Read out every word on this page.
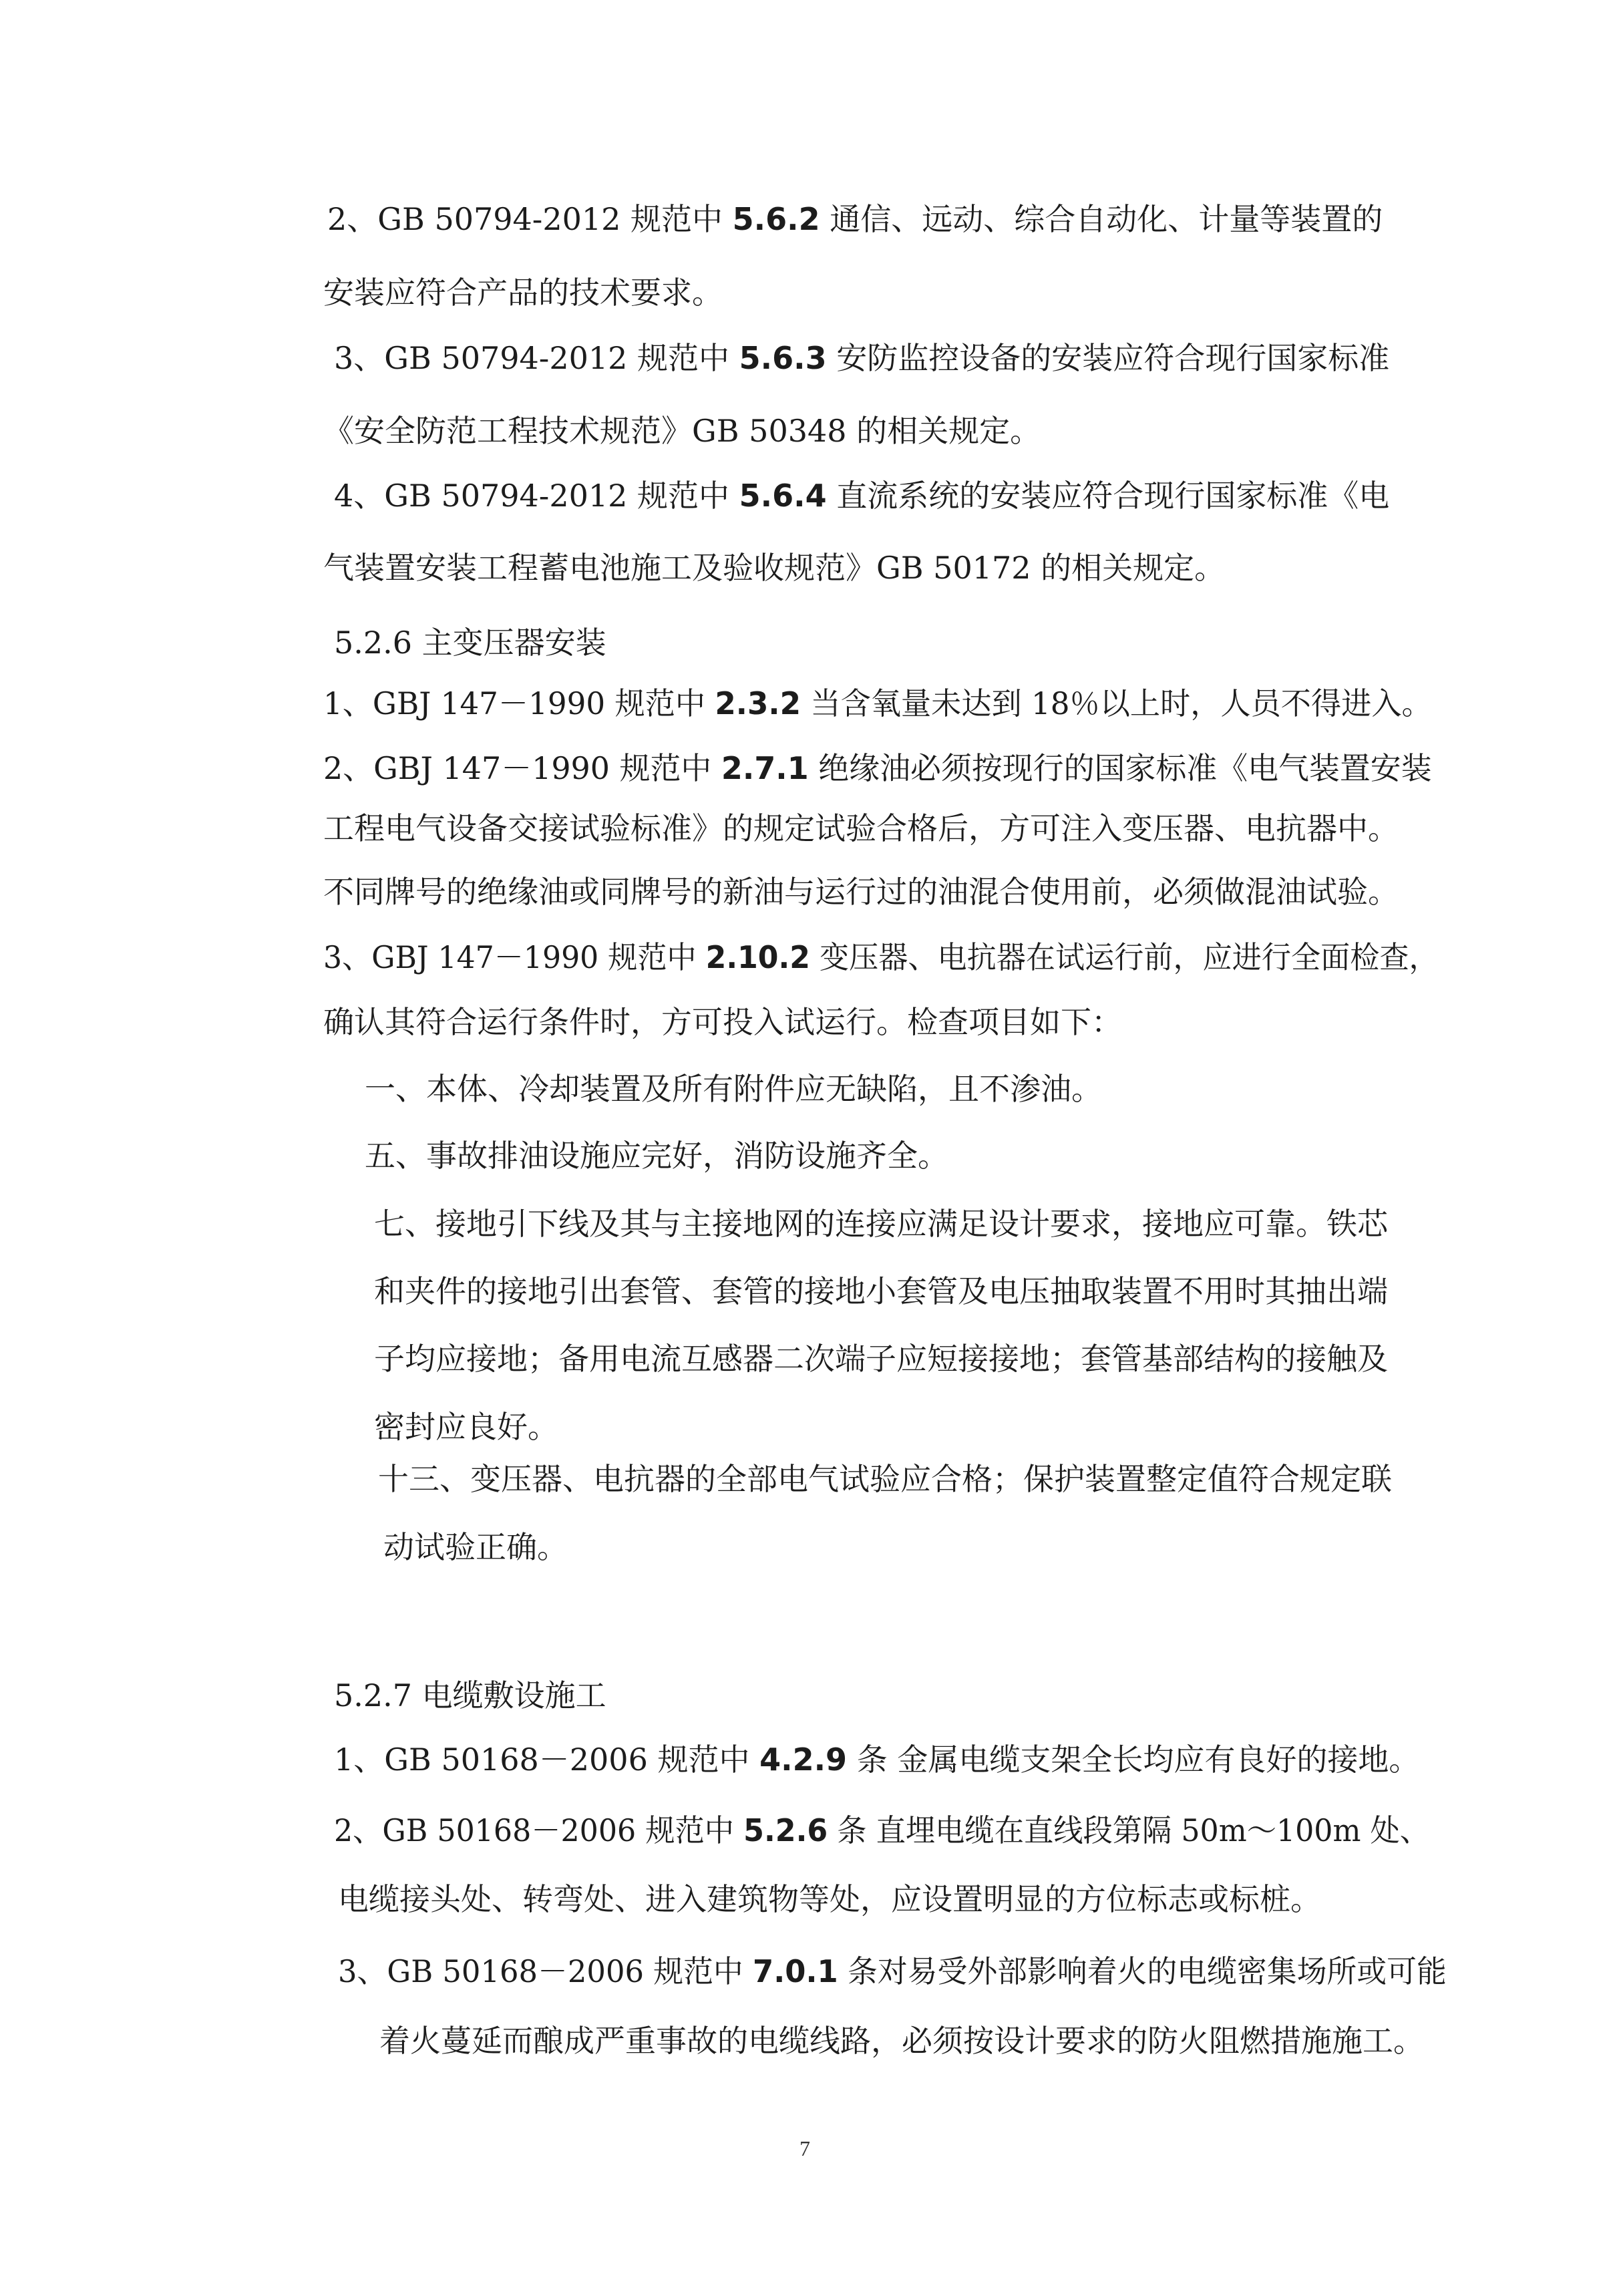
2、GB 50794-2012 规范中 5.6.2 通信、远动、综合自动化、计量等装置的
安装应符合产品的技术要求。
3、GB 50794-2012 规范中 5.6.3 安防监控设备的安装应符合现行国家标准
《安全防范工程技术规范》GB 50348 的相关规定。
4、GB 50794-2012 规范中 5.6.4 直流系统的安装应符合现行国家标准《电
气装置安装工程蓄电池施工及验收规范》GB 50172 的相关规定。
5.2.6 主变压器安装
1、GBJ 147－1990 规范中 2.3.2 当含氧量未达到 18％以上时，人员不得进入。
2、GBJ 147－1990 规范中 2.7.1 绝缘油必须按现行的国家标准《电气装置安装
工程电气设备交接试验标准》的规定试验合格后，方可注入变压器、电抗器中。
不同牌号的绝缘油或同牌号的新油与运行过的油混合使用前，必须做混油试验。
3、GBJ 147－1990 规范中 2.10.2 变压器、电抗器在试运行前，应进行全面检查，
确认其符合运行条件时，方可投入试运行。检查项目如下：
一、本体、冷却装置及所有附件应无缺陷，且不渗油。
五、事故排油设施应完好，消防设施齐全。
七、接地引下线及其与主接地网的连接应满足设计要求，接地应可靠。铁芯
和夹件的接地引出套管、套管的接地小套管及电压抽取装置不用时其抽出端
子均应接地；备用电流互感器二次端子应短接接地；套管基部结构的接触及
密封应良好。
十三、变压器、电抗器的全部电气试验应合格；保护装置整定值符合规定联
动试验正确。
5.2.7 电缆敷设施工
1、GB 50168－2006 规范中 4.2.9 条 金属电缆支架全长均应有良好的接地。
2、GB 50168－2006 规范中 5.2.6 条 直埋电缆在直线段第隔 50m～100m 处、
电缆接头处、转弯处、进入建筑物等处，应设置明显的方位标志或标桩。
3、GB 50168－2006 规范中 7.0.1 条对易受外部影响着火的电缆密集场所或可能
着火蔓延而酿成严重事故的电缆线路，必须按设计要求的防火阻燃措施施工。
7
